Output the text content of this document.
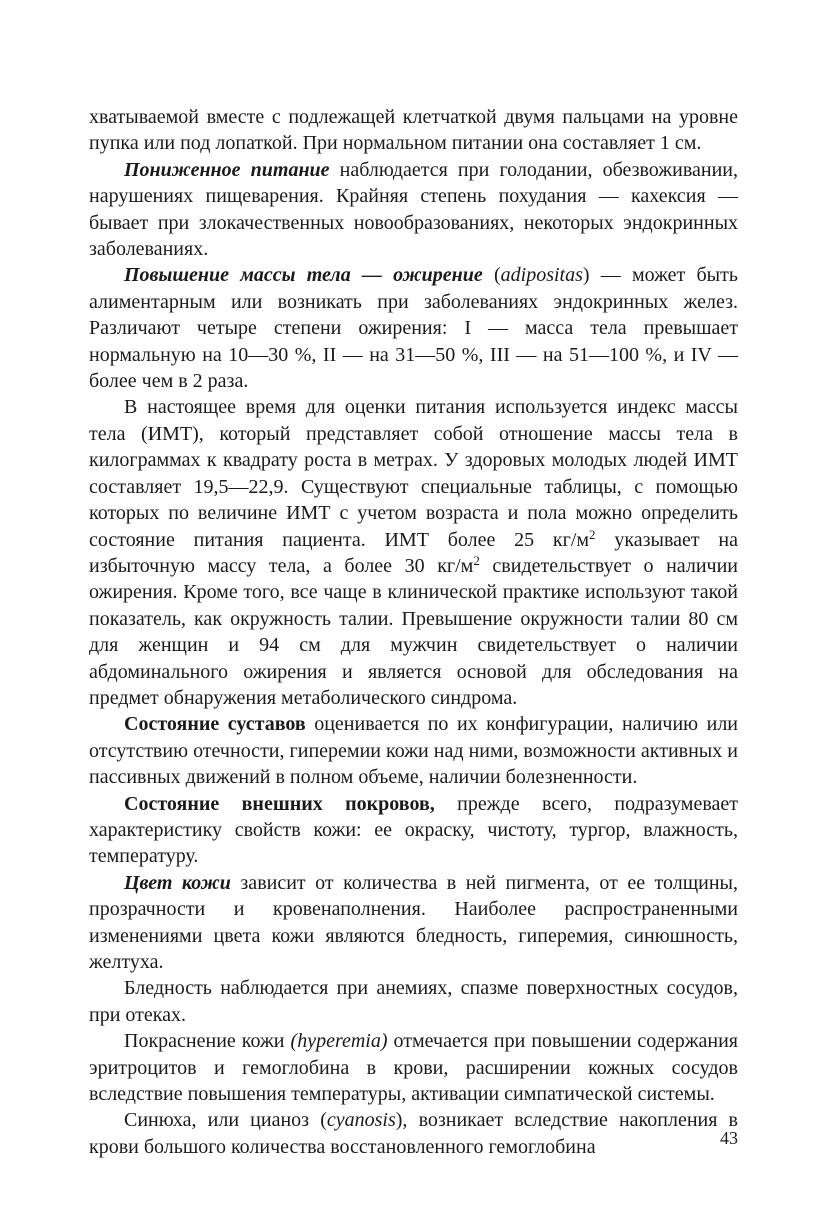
хватываемой вместе с подлежащей клетчаткой двумя пальцами на уровне пупка или под лопаткой. При нормальном питании она составляет 1 см.

Пониженное питание наблюдается при голодании, обезвоживании, нарушениях пищеварения. Крайняя степень похудания — кахексия — бывает при злокачественных новообразованиях, некоторых эндокринных заболеваниях.

Повышение массы тела — ожирение (adipositas) — может быть алиментарным или возникать при заболеваниях эндокринных желез. Различают четыре степени ожирения: I — масса тела превышает нормальную на 10—30 %, II — на 31—50 %, III — на 51—100 %, и IV — более чем в 2 раза.

В настоящее время для оценки питания используется индекс массы тела (ИМТ), который представляет собой отношение массы тела в килограммах к квадрату роста в метрах. У здоровых молодых людей ИМТ составляет 19,5—22,9. Существуют специальные таблицы, с помощью которых по величине ИМТ с учетом возраста и пола можно определить состояние питания пациента. ИМТ более 25 $кг/м^2$ указывает на избыточную массу тела, а более 30 $кг/м^2$ свидетельствует о наличии ожирения. Кроме того, все чаще в клинической практике используют такой показатель, как окружность талии. Превышение окружности талии 80 см для женщин и 94 см для мужчин свидетельствует о наличии абдоминального ожирения и является основой для обследования на предмет обнаружения метаболического синдрома.

Состояние суставов оценивается по их конфигурации, наличию или отсутствию отечности, гиперемии кожи над ними, возможности активных и пассивных движений в полном объеме, наличии болезненности.

Состояние внешних покровов, прежде всего, подразумевает характеристику свойств кожи: ее окраску, чистоту, тургор, влажность, температуру.

Цвет кожи зависит от количества в ней пигмента, от ее толщины, прозрачности и кровенаполнения. Наиболее распространенными изменениями цвета кожи являются бледность, гиперемия, синюшность, желтуха.

Бледность наблюдается при анемиях, спазме поверхностных сосудов, при отеках.

Покраснение кожи (hyperemia) отмечается при повышении содержания эритроцитов и гемоглобина в крови, расширении кожных сосудов вследствие повышения температуры, активации симпатической системы.

Синюха, или цианоз (cyanosis), возникает вследствие накопления в крови большого количества восстановленного гемоглобина	43
